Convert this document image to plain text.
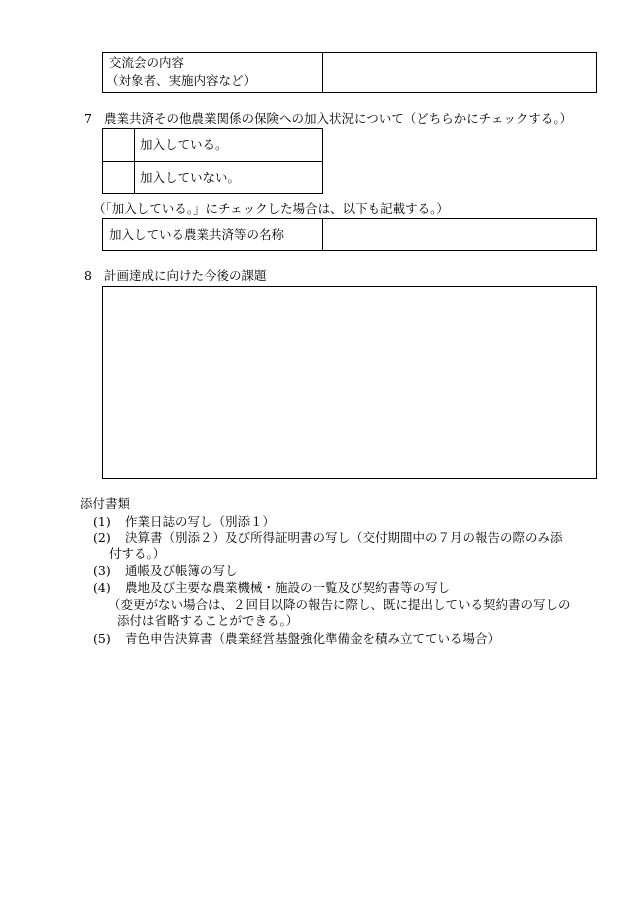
交流会の内容
（対象者、実施内容など）
7 農業共済その他農業関係の保険への加入状況について（どちらかにチェックする。）
加入している。
加入していない。
（「加入している。」にチェックした場合は、以下も記載する。）
加入している農業共済等の名称
8 計画達成に向けた今後の課題
添付書類
(1) 作業日誌の写し（別添１）
(2) 決算書（別添２）及び所得証明書の写し（交付期間中の７月の報告の際のみ添
付する。）
(3) 通帳及び帳簿の写し
(4) 農地及び主要な農業機械・施設の一覧及び契約書等の写し
（変更がない場合は、２回目以降の報告に際し、既に提出している契約書の写しの
添付は省略することができる。）
(5) 青色申告決算書（農業経営基盤強化準備金を積み立てている場合）
